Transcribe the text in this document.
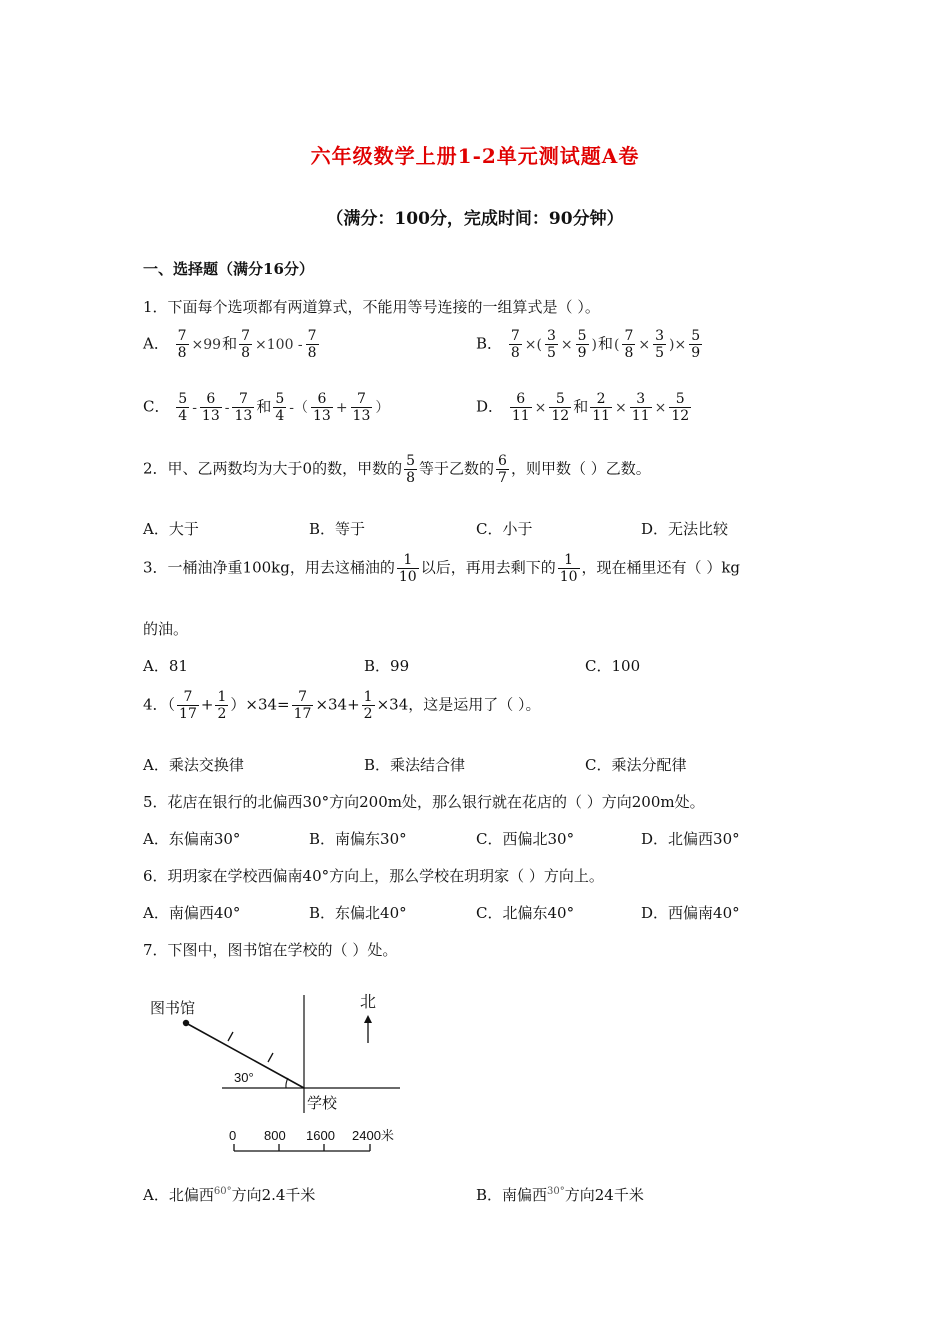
六年级数学上册1-2单元测试题A卷
（满分：100分，完成时间：90分钟）
一、选择题（满分16分）
1．下面每个选项都有两道算式，不能用等号连接的一组算式是（ ）。
A． $\frac{7}{8} \times 99$和 $\frac{7}{8} \times 100 - \frac{7}{8}$	B． $\frac{7}{8}$ ×( $\frac{3}{5} \times \frac{5}{9}$ )和( $\frac{7}{8} \times \frac{3}{5}$ )× $\frac{5}{9}$
C． $\frac{5}{4} - \frac{6}{13} - \frac{7}{13}$ 和 $\frac{5}{4}$ -（ $\frac{6}{13} + \frac{7}{13}$ ）	D． $\frac{6}{11} \times \frac{5}{12}$ 和 $\frac{2}{11} \times \frac{3}{11} \times \frac{5}{12}$
2．甲、乙两数均为大于0的数，甲数的 $\frac{5}{8}$ 等于乙数的 $\frac{6}{7}$ ，则甲数（ ）乙数。
A．大于	B．等于	C．小于	D．无法比较
3．一桶油净重100kg，用去这桶油的 $\frac{1}{10}$ 以后，再用去剩下的 $\frac{1}{10}$ ，现在桶里还有（ ）kg
的油。
A．81	B．99	C．100
4．（ $\frac{7}{17} + \frac{1}{2} )\times 34= \frac{7}{17} \times 34+ \frac{1}{2} \times 34$，这是运用了（ ）。
A．乘法交换律	B．乘法结合律	C．乘法分配律
5．花店在银行的北偏西30°方向200m处，那么银行就在花店的（ ）方向200m处。
A．东偏南30°	B．南偏东30°	C．西偏北30°	D．北偏西30°
6．玥玥家在学校西偏南40°方向上，那么学校在玥玥家（ ）方向上。
A．南偏西40°	B．东偏北40°	C．北偏东40°	D．西偏南40°
7．下图中，图书馆在学校的（ ）处。
图书馆
30°
北
学校
0 800 1600 2400米
A．北偏西$^{60^\circ}$方向2.4千米	B．南偏西$^{30^\circ}$方向24千米
